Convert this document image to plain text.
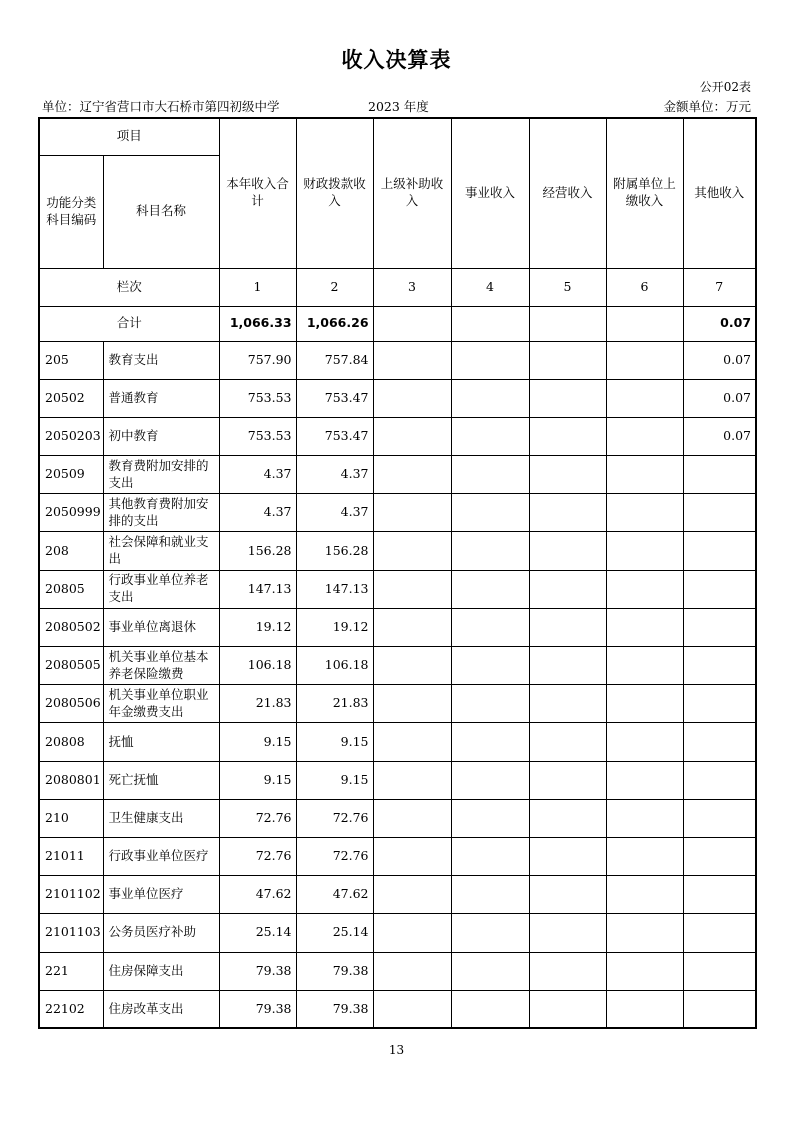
收入决算表
公开02表
单位：辽宁省营口市大石桥市第四初级中学	2023 年度	金额单位：万元
项目		本年收入合计	财政拨款收入	上级补助收入	事业收入	经营收入	附属单位上缴收入	其他收入
功能分类科目编码	科目名称							
栏次		1	2	3	4	5	6	7
合计		1,066.33	1,066.26					0.07
205	教育支出	757.90	757.84					0.07
20502	普通教育	753.53	753.47					0.07
2050203	初中教育	753.53	753.47					0.07
20509	教育费附加安排的支出	4.37	4.37					
2050999	其他教育费附加安排的支出	4.37	4.37					
208	社会保障和就业支出	156.28	156.28					
20805	行政事业单位养老支出	147.13	147.13					
2080502	事业单位离退休	19.12	19.12					
2080505	机关事业单位基本养老保险缴费	106.18	106.18					
2080506	机关事业单位职业年金缴费支出	21.83	21.83					
20808	抚恤	9.15	9.15					
2080801	死亡抚恤	9.15	9.15					
210	卫生健康支出	72.76	72.76					
21011	行政事业单位医疗	72.76	72.76					
2101102	事业单位医疗	47.62	47.62					
2101103	公务员医疗补助	25.14	25.14					
221	住房保障支出	79.38	79.38					
22102	住房改革支出	79.38	79.38					
13
